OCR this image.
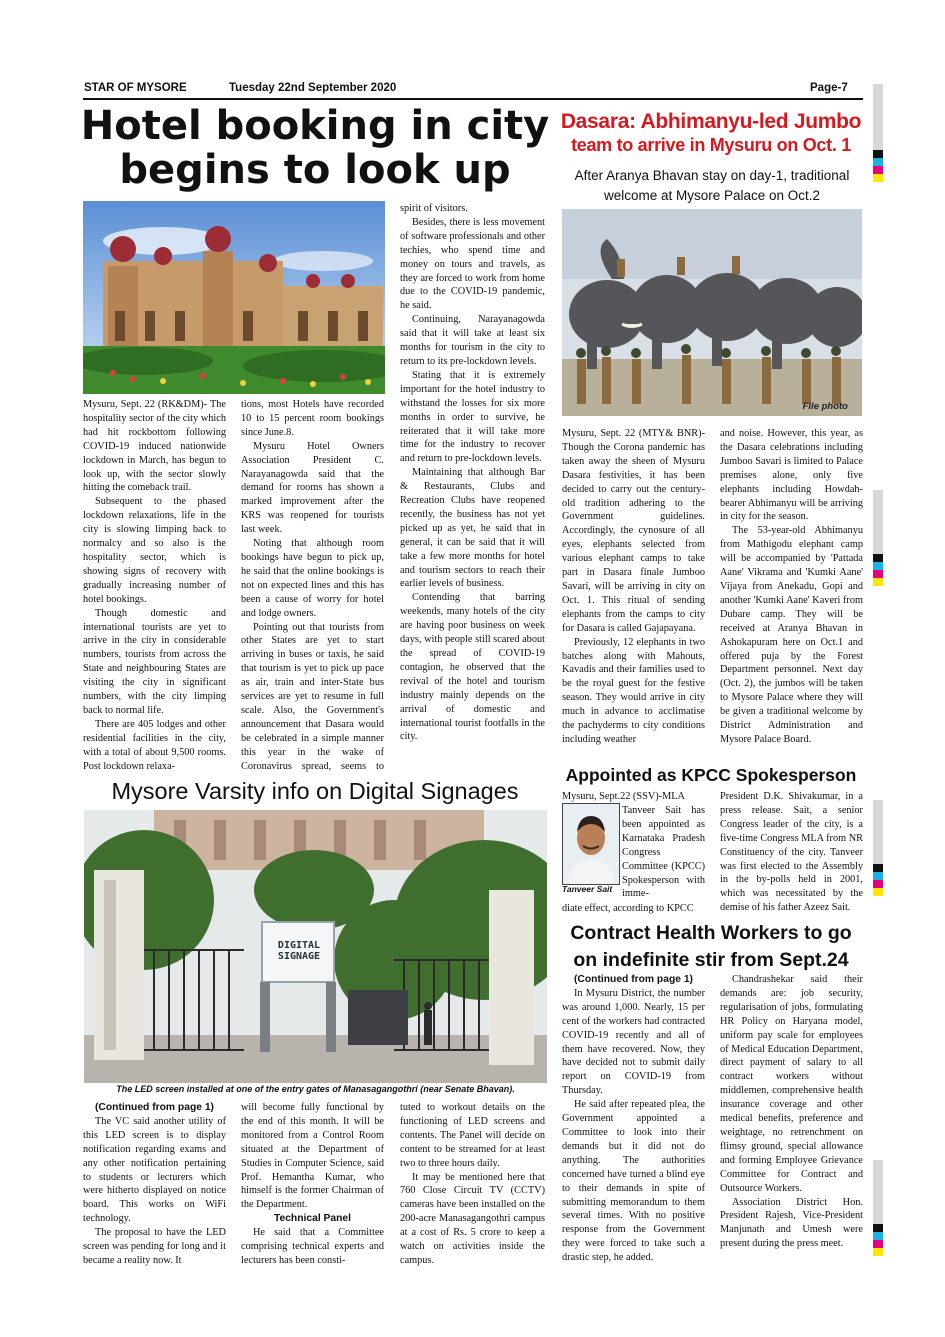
STAR OF MYSORE	Tuesday 22nd September 2020	Page-7
Hotel booking in city
begins to look up

Mysuru, Sept. 22 (RK&DM)- The hospitality sector of the city which had hit rockbottom following COVID-19 induced nationwide lockdown in March, has begun to look up, with the sector slowly hitting the comeback trail.

Subsequent to the phased lockdown relaxations, life in the city is slowing limping back to normalcy and so also is the hospitality sector, which is showing signs of recovery with gradually increasing number of hotel bookings.

Though domestic and international tourists are yet to arrive in the city in considerable numbers, tourists from across the State and neighbouring States are visiting the city in significant numbers, with the city limping back to normal life.

There are 405 lodges and other residential facilities in the city, with a total of about 9,500 rooms. Post lockdown relaxa-

tions, most Hotels have recorded 10 to 15 percent room bookings since June.8.

Mysuru Hotel Owners Association President C. Narayanagowda said that the demand for rooms has shown a marked improvement after the KRS was reopened for tourists last week.

Noting that although room bookings have begun to pick up, he said that the online bookings is not on expected lines and this has been a cause of worry for hotel and lodge owners.

Pointing out that tourists from other States are yet to start arriving in buses or taxis, he said that tourism is yet to pick up pace as air, train and inter-State bus services are yet to resume in full scale. Also, the Government's announcement that Dasara would be celebrated in a simple manner this year in the wake of Coronavirus spread, seems to

spirit of visitors.

Besides, there is less movement of software professionals and other techies, who spend time and money on tours and travels, as they are forced to work from home due to the COVID-19 pandemic, he said.

Continuing, Narayanagowda said that it will take at least six months for tourism in the city to return to its pre-lockdown levels.

Stating that it is extremely important for the hotel industry to withstand the losses for six more months in order to survive, he reiterated that it will take more time for the industry to recover and return to pre-lockdown levels.

Maintaining that although Bar & Restaurants, Clubs and Recreation Clubs have reopened recently, the business has not yet picked up as yet, he said that in general, it can be said that it will take a few more months for hotel and tourism sectors to reach their earlier levels of business.

Contending that barring weekends, many hotels of the city are having poor business on week days, with people still scared about the spread of COVID-19 contagion, he observed that the revival of the hotel and tourism industry mainly depends on the arrival of domestic and international tourist footfalls in the city.

Dasara: Abhimanyu-led Jumbo
team to arrive in Mysuru on Oct. 1
After Aranya Bhavan stay on day-1, traditional welcome at Mysore Palace on Oct.2
File photo

Mysuru, Sept. 22 (MTY& BNR)- Though the Corona pandemic has taken away the sheen of Mysuru Dasara festivities, it has been decided to carry out the century-old tradition adhering to the Government guidelines. Accordingly, the cynosure of all eyes, elephants selected from various elephant camps to take part in Dasara finale Jumboo Savari, will be arriving in city on Oct. 1. This ritual of sending elephants from the camps to city for Dasara is called Gajapayana.

Previously, 12 elephants in two batches along with Mahouts, Kavadis and their families used to be the royal guest for the festive season. They would arrive in city much in advance to acclimatise the pachyderms to city conditions including weather

and noise. However, this year, as the Dasara celebrations including Jumboo Savari is limited to Palace premises alone, only five elephants including Howdah-bearer Abhimanyu will be arriving in city for the season.

The 53-year-old Abhimanyu from Mathigodu elephant camp will be accompanied by 'Pattada Aane' Vikrama and 'Kumki Aane' Vijaya from Anekadu, Gopi and another 'Kumki Aane' Kaveri from Dubare camp. They will be received at Aranya Bhavan in Ashokapuram here on Oct.1 and offered puja by the Forest Department personnel. Next day (Oct. 2), the jumbos will be taken to Mysore Palace where they will be given a traditional welcome by District Administration and Mysore Palace Board.

Mysore Varsity info on Digital Signages
DIGITAL
SIGNAGE
The LED screen installed at one of the entry gates of Manasagangothri (near Senate Bhavan).

(Continued from page 1)

The VC said another utility of this LED screen is to display notification regarding exams and any other notification pertaining to students or lecturers which were hitherto displayed on notice board. This works on WiFi technology.

The proposal to have the LED screen was pending for long and it became a reality now. It

will become fully functional by the end of this month. It will be monitored from a Control Room situated at the Department of Studies in Computer Science, said Prof. Hemantha Kumar, who himself is the former Chairman of the Department.

Technical Panel

He said that a Committee comprising technical experts and lecturers has been consti-

tuted to workout details on the functioning of LED screens and contents. The Panel will decide on content to be streamed for at least two to three hours daily.

It may be mentioned here that 760 Close Circuit TV (CCTV) cameras have been installed on the 200-acre Manasagangothri campus at a cost of Rs. 5 crore to keep a watch on activities inside the campus.

Appointed as KPCC Spokesperson
Mysuru, Sept.22 (SSV)-MLA
Tanveer Sait
Tanveer Sait has been appointed as Karnataka Pradesh Congress Committee (KPCC) Spokesperson with imme-
diate effect, according to KPCC
President D.K. Shivakumar, in a press release. Sait, a senior Congress leader of the city, is a five-time Congress MLA from NR Constituency of the city. Tanveer was first elected to the Assembly in the by-polls held in 2001, which was necessitated by the demise of his father Azeez Sait.
Contract Health Workers to go
on indefinite stir from Sept.24

(Continued from page 1)

In Mysuru District, the number was around 1,000. Nearly, 15 per cent of the workers had contracted COVID-19 recently and all of them have recovered. Now, they have decided not to submit daily report on COVID-19 from Thursday.

He said after repeated plea, the Government appointed a Committee to look into their demands but it did not do anything. The authorities concerned have turned a blind eye to their demands in spite of submitting memorandum to them several times. With no positive response from the Government they were forced to take such a drastic step, he added.

Chandrashekar said their demands are: job security, regularisation of jobs, formulating HR Policy on Haryana model, uniform pay scale for employees of Medical Education Department, direct payment of salary to all contract workers without middlemen, comprehensive health insurance coverage and other medical benefits, preference and weightage, no retrenchment on flimsy ground, special allowance and forming Employee Grievance Committee for Contract and Outsource Workers.

Association District Hon. President Rajesh, Vice-President Manjunath and Umesh were present during the press meet.
